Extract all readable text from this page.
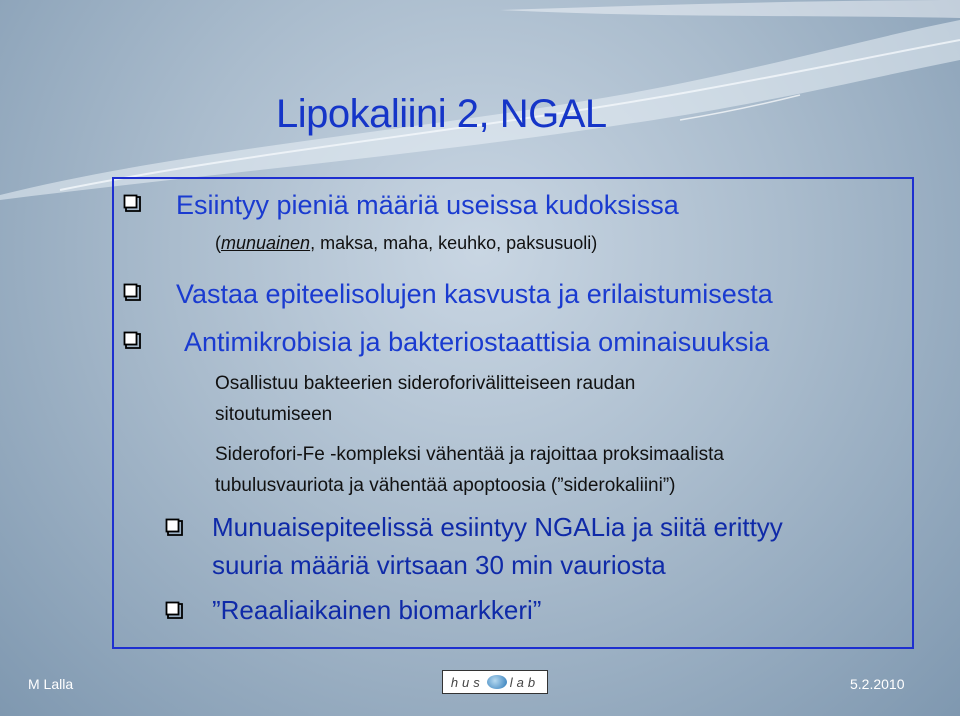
Lipokaliini 2, NGAL
Esiintyy pieniä määriä useissa kudoksissa
(munuainen, maksa, maha, keuhko, paksusuoli)
Vastaa epiteelisolujen kasvusta ja erilaistumisesta
Antimikrobisia ja bakteriostaattisia ominaisuuksia
Osallistuu bakteerien sideroforivälitteiseen raudan
sitoutumiseen
Siderofori-Fe -kompleksi vähentää ja rajoittaa proksimaalista
tubulusvauriota ja vähentää apoptoosia (”siderokaliini”)
Munuaisepiteelissä esiintyy NGALia ja siitä erittyy
suuria määriä virtsaan 30 min vauriosta
”Reaaliaikainen biomarkkeri”
M Lalla	hus lab	5.2.2010
